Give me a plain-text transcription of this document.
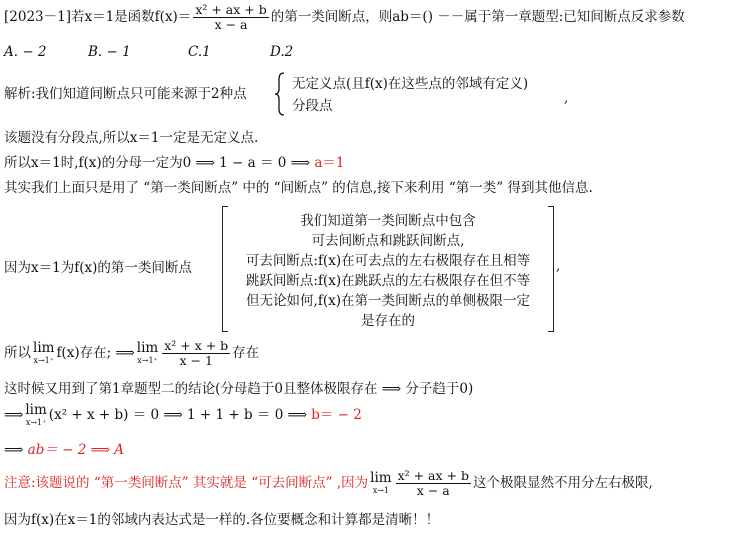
[2023－1]若x＝1是函数$f(x)= \frac{\text{x² + ax + b}}{x - a}$ 的第一类间断点，则ab＝() －－属于第一章题型:已知间断点反求参数
A. − 2	B. − 1	C.1	D.2
解析:我们知道间断点只可能来源于2种点
无定义点(且f(x)在这些点的邻域有定义)
分段点	,
该题没有分段点,所以x＝1一定是无定义点.
所以x＝1时,f(x)的分母一定为0 ⟹ 1 − a ＝ 0 ⟹ a＝1
其实我们上面只是用了 “第一类间断点” 中的 “间断点” 的信息,接下来利用 “第一类” 得到其他信息.
因为x＝1为f(x)的第一类间断点
我们知道第一类间断点中包含
可去间断点和跳跃间断点,
可去间断点:f(x)在可去点的左右极限存在且相等
跳跃间断点:f(x)在跳跃点的左右极限存在但不等
但无论如何,f(x)在第一类间断点的单侧极限一定
是存在的
,
所以 lim
x→1⁺ f(x)存在; ⟹ lim
$x\to 1^+ \frac{\text{x² + x + b}}{x - 1}$ 存在
这时候又用到了第1章题型二的结论(分母趋于0且整体极限存在 ⟹ 分子趋于0)
⟹ lim
x→1⁺ (x² + x + b) ＝ 0 ⟹ 1 + 1 + b ＝ 0 ⟹ b＝ − 2
⟹ ab＝ − 2 ⟹ A
注意:该题说的 “第一类间断点” 其实就是 “可去间断点” ,因为 lim
$x\to 1 \frac{\text{x² + ax + b}}{x - a}$ 这个极限显然不用分左右极限,
因为f(x)在x＝1的邻域内表达式是一样的.各位要概念和计算都是清晰！！
